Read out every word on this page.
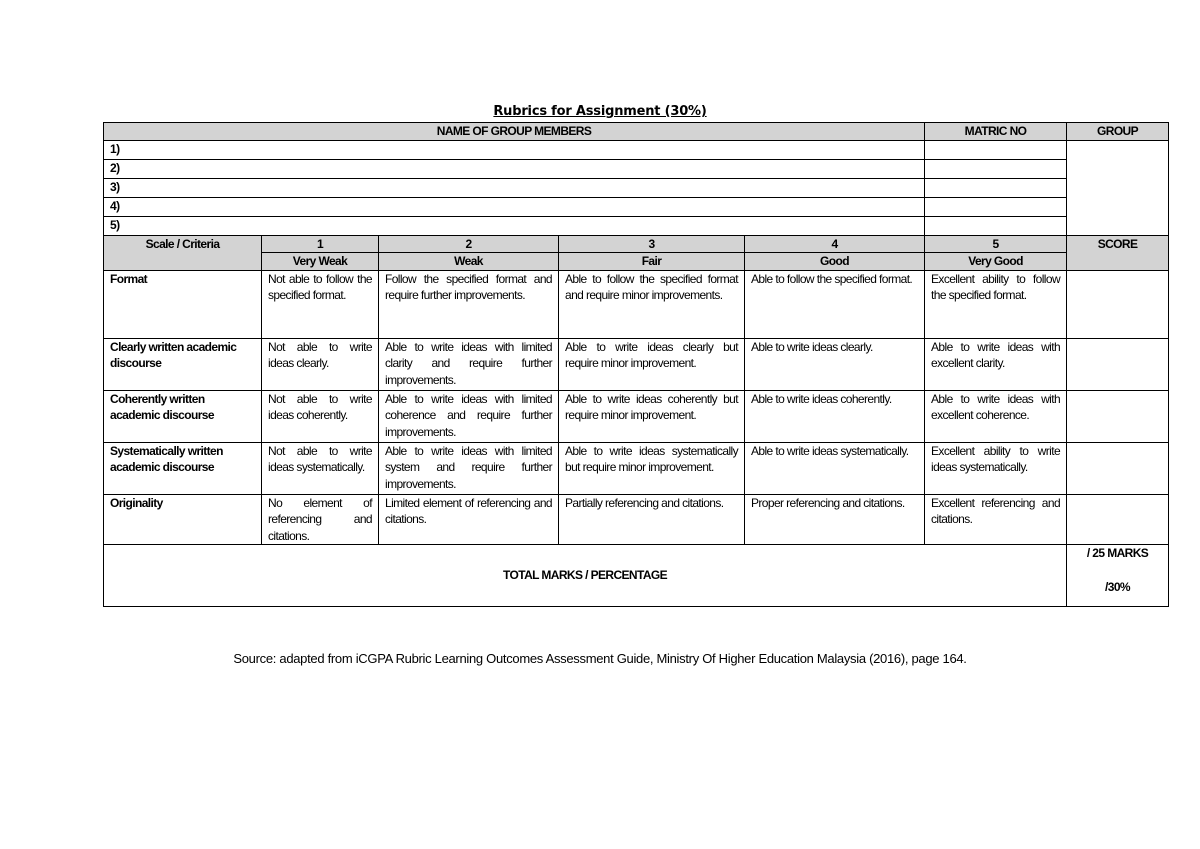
Rubrics for Assignment (30%)
NAME OF GROUP MEMBERS					MATRIC NO	GROUP
1)						
2)						
3)						
4)						
5)						
Scale / Criteria	1	2	3	4	5	SCORE
	Very Weak	Weak	Fair	Good	Very Good	
Format	Not able to follow the specified format.	Follow the specified format and require further improvements.	Able to follow the specified format and require minor improvements.	Able to follow the specified format.	Excellent ability to follow the specified format.	
Clearly written academic discourse	Not able to write ideas clearly.	Able to write ideas with limited clarity and require further improvements.	Able to write ideas clearly but require minor improvement.	Able to write ideas clearly.	Able to write ideas with excellent clarity.	
Coherently written academic discourse	Not able to write ideas coherently.	Able to write ideas with limited coherence and require further improvements.	Able to write ideas coherently but require minor improvement.	Able to write ideas coherently.	Able to write ideas with excellent coherence.	
Systematically written academic discourse	Not able to write ideas systematically.	Able to write ideas with limited system and require further improvements.	Able to write ideas systematically but require minor improvement.	Able to write ideas systematically.	Excellent ability to write ideas systematically.	
Originality	No element of referencing and citations.	Limited element of referencing and citations.	Partially referencing and citations.	Proper referencing and citations.	Excellent referencing and citations.	
TOTAL MARKS / PERCENTAGE						/ 25 MARKS
/30%
Source: adapted from iCGPA Rubric Learning Outcomes Assessment Guide, Ministry Of Higher Education Malaysia (2016), page 164.
